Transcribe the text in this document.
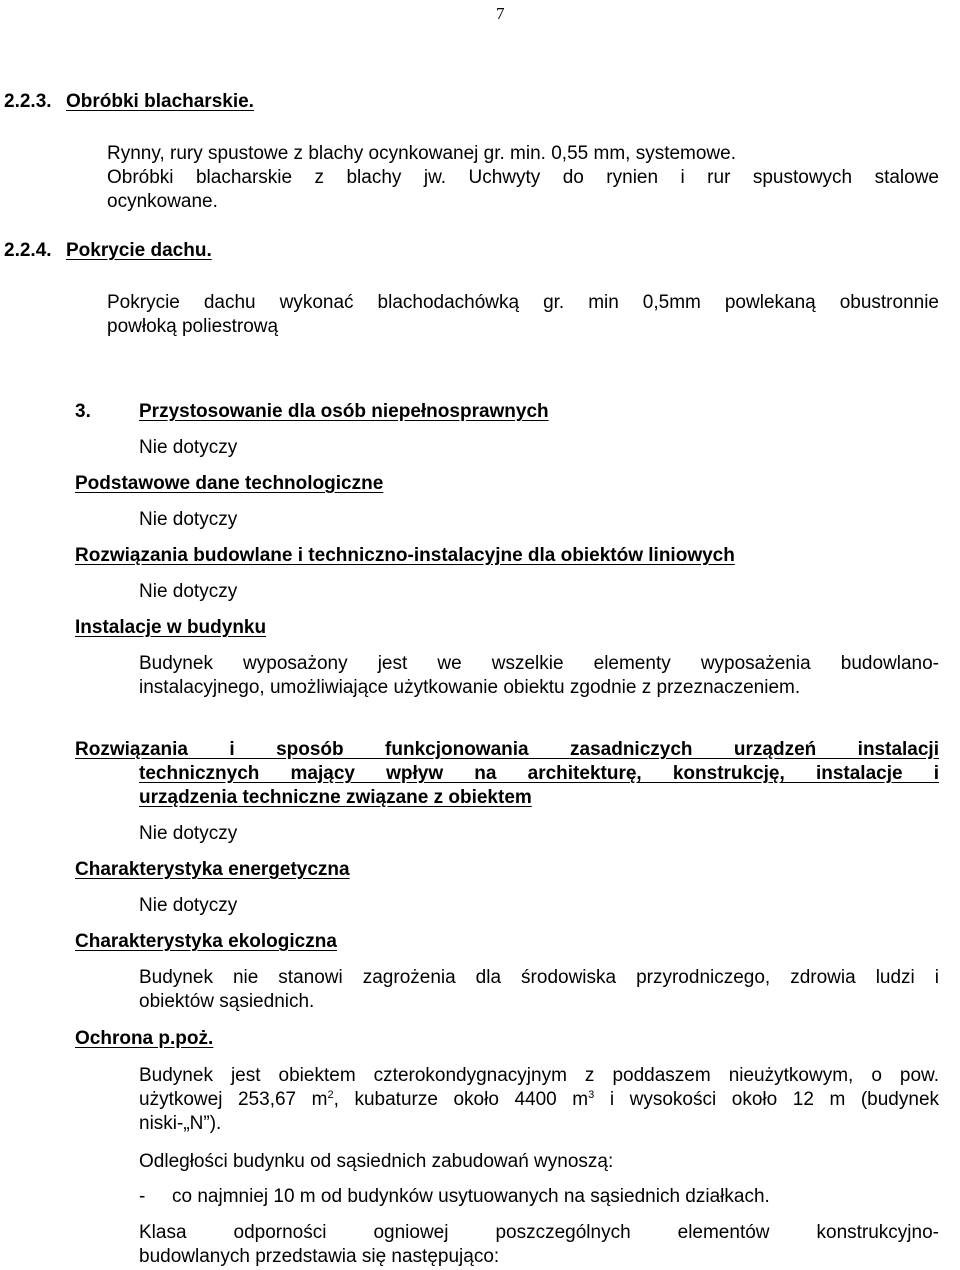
7
2.2.3. Obróbki blacharskie.
Rynny, rury spustowe z blachy ocynkowanej gr. min. 0,55 mm, systemowe.
Obróbki blacharskie z blachy jw. Uchwyty do rynien i rur spustowych stalowe
ocynkowane.
2.2.4. Pokrycie dachu.
Pokrycie dachu wykonać blachodachówką gr. min 0,5mm powlekaną obustronnie
powłoką poliestrową
3.	Przystosowanie dla osób niepełnosprawnych
Nie dotyczy
Podstawowe dane technologiczne
Nie dotyczy
Rozwiązania budowlane i techniczno-instalacyjne dla obiektów liniowych
Nie dotyczy
Instalacje w budynku
Budynek wyposażony jest we wszelkie elementy wyposażenia budowlano-
instalacyjnego, umożliwiające użytkowanie obiektu zgodnie z przeznaczeniem.
Rozwiązania i sposób funkcjonowania zasadniczych urządzeń instalacji
technicznych mający wpływ na architekturę, konstrukcję, instalacje i
urządzenia techniczne związane z obiektem
Nie dotyczy
Charakterystyka energetyczna
Nie dotyczy
Charakterystyka ekologiczna
Budynek nie stanowi zagrożenia dla środowiska przyrodniczego, zdrowia ludzi i
obiektów sąsiednich.
Ochrona p.poż.
Budynek jest obiektem czterokondygnacyjnym z poddaszem nieużytkowym, o pow.
użytkowej 253,67 $m^2$, kubaturze około 4400 $m^3$ i wysokości około 12 m (budynek
niski-„N”).
Odległości budynku od sąsiednich zabudowań wynoszą:
- co najmniej 10 m od budynków usytuowanych na sąsiednich działkach.
Klasa odporności ogniowej poszczególnych elementów konstrukcyjno-
budowlanych przedstawia się następująco:
